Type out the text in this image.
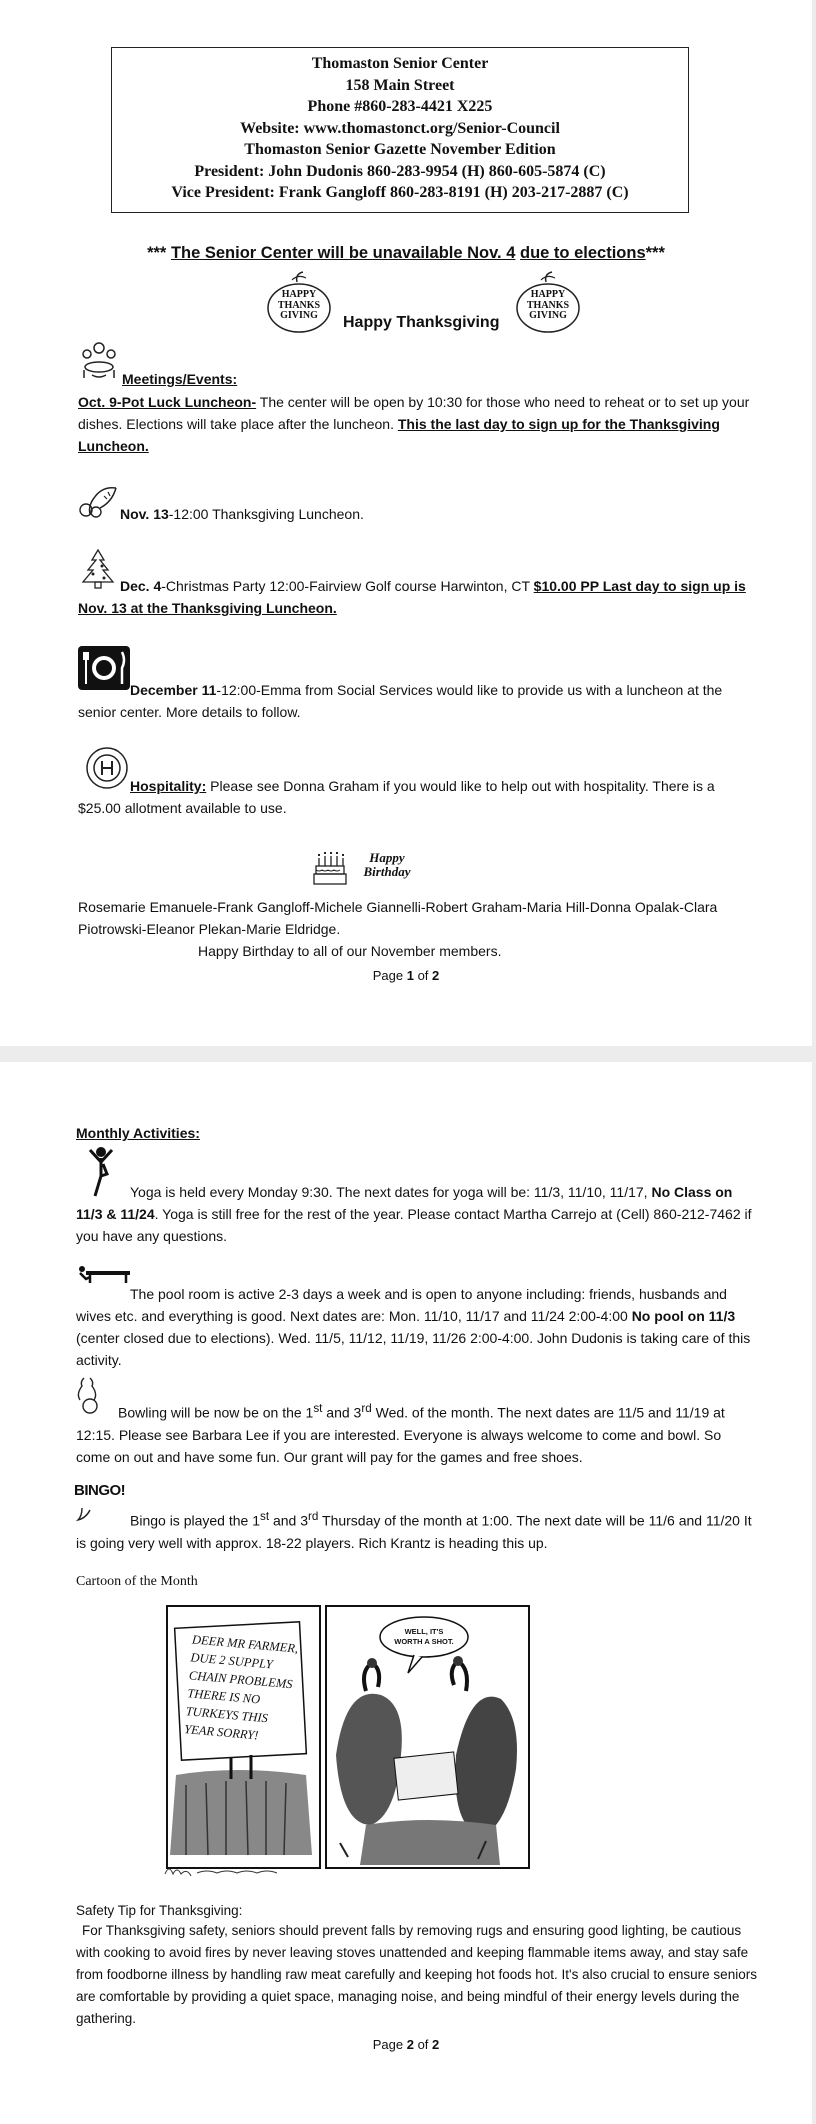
Thomaston Senior Center
158 Main Street
Phone #860-283-4421 X225
Website: www.thomastonct.org/Senior-Council
Thomaston Senior Gazette November Edition
President: John Dudonis 860-283-9954 (H) 860-605-5874 (C)
Vice President: Frank Gangloff 860-283-8191 (H) 203-217-2887 (C)
*** The Senior Center will be unavailable Nov. 4 due to elections***
HAPPY
THANKS
GIVING	Happy Thanksgiving
HAPPY
THANKS
GIVING
Meetings/Events:
Oct. 9-Pot Luck Luncheon- The center will be open by 10:30 for those who need to reheat or to set up your dishes. Elections will take place after the luncheon. This the last day to sign up for the Thanksgiving Luncheon.
Nov. 13-12:00 Thanksgiving Luncheon.
Dec. 4-Christmas Party 12:00-Fairview Golf course Harwinton, CT $10.00 PP Last day to sign up is Nov. 13 at the Thanksgiving Luncheon.
December 11-12:00-Emma from Social Services would like to provide us with a luncheon at the senior center. More details to follow.
Hospitality: Please see Donna Graham if you would like to help out with hospitality. There is a $25.00 allotment available to use.
Happy
Birthday
Rosemarie Emanuele-Frank Gangloff-Michele Giannelli-Robert Graham-Maria Hill-Donna Opalak-Clara Piotrowski-Eleanor Plekan-Marie Eldridge.
Happy Birthday to all of our November members.
Page 1 of 2
Monthly Activities:
Yoga is held every Monday 9:30. The next dates for yoga will be: 11/3, 11/10, 11/17, No Class on 11/3 & 11/24. Yoga is still free for the rest of the year. Please contact Martha Carrejo at (Cell) 860-212-7462 if you have any questions.
The pool room is active 2-3 days a week and is open to anyone including: friends, husbands and wives etc. and everything is good. Next dates are: Mon. 11/10, 11/17 and 11/24 2:00-4:00 No pool on 11/3 (center closed due to elections). Wed. 11/5, 11/12, 11/19, 11/26 2:00-4:00. John Dudonis is taking care of this activity.
Bowling will be now be on the 1st and 3rd Wed. of the month. The next dates are 11/5 and 11/19 at 12:15. Please see Barbara Lee if you are interested. Everyone is always welcome to come and bowl. So come on out and have some fun. Our grant will pay for the games and free shoes.
BINGO!
Bingo is played the 1st and 3rd Thursday of the month at 1:00. The next date will be 11/6 and 11/20 It is going very well with approx. 18-22 players. Rich Krantz is heading this up.
Cartoon of the Month
DEER MR FARMER,
DUE 2 SUPPLY
CHAIN PROBLEMS
THERE IS NO
TURKEYS THIS
YEAR SORRY!
WELL, IT'S
WORTH A SHOT.
Safety Tip for Thanksgiving:
For Thanksgiving safety, seniors should prevent falls by removing rugs and ensuring good lighting, be cautious with cooking to avoid fires by never leaving stoves unattended and keeping flammable items away, and stay safe from foodborne illness by handling raw meat carefully and keeping hot foods hot. It's also crucial to ensure seniors are comfortable by providing a quiet space, managing noise, and being mindful of their energy levels during the gathering.
Page 2 of 2
